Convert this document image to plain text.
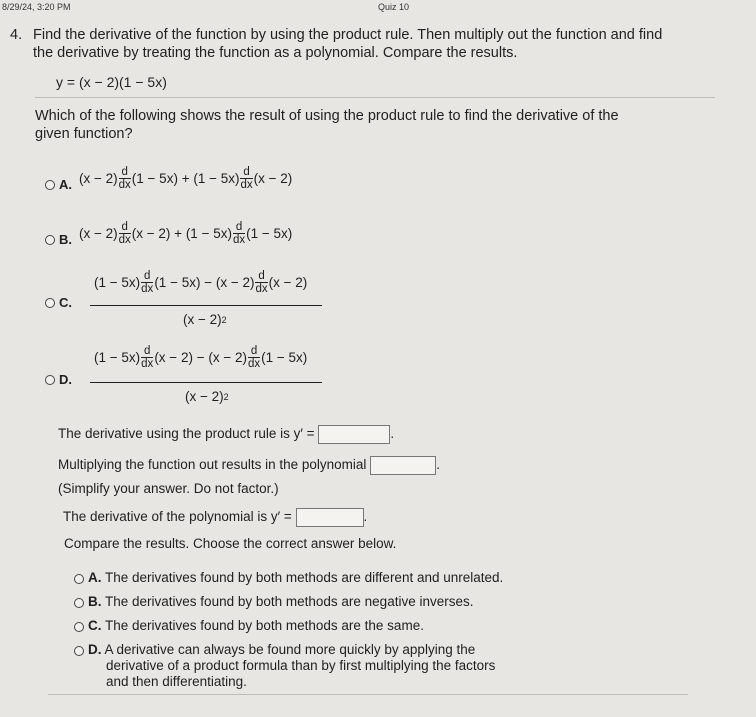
8/29/24, 3:20 PM	Quiz 10
4. Find the derivative of the function by using the product rule. Then multiply out the function and find
the derivative by treating the function as a polynomial. Compare the results.
y = (x − 2)(1 − 5x)
Which of the following shows the result of using the product rule to find the derivative of the
given function?
A. $(x - 2) \frac{d}{dx} (1 - 5x) + (1 - 5x) \frac{d}{dx} (x - 2)$
B. $(x - 2) \frac{d}{dx} (x - 2) + (1 - 5x) \frac{d}{dx} (1 - 5x)$
C.
$(1 - 5x) \frac{d}{dx} (1 - 5x) - (x - 2) \frac{d}{dx} (x - 2)$
(x − 2) 2
D.
$(1 - 5x) \frac{d}{dx} (x - 2) - (x - 2) \frac{d}{dx} (1 - 5x)$
(x − 2) 2
The derivative using the product rule is y′ =	.
Multiplying the function out results in the polynomial	.
(Simplify your answer. Do not factor.)
The derivative of the polynomial is y′ =	.
Compare the results. Choose the correct answer below.
A. The derivatives found by both methods are different and unrelated.
B. The derivatives found by both methods are negative inverses.
C. The derivatives found by both methods are the same.
D. A derivative can always be found more quickly by applying the
derivative of a product formula than by first multiplying the factors
and then differentiating.
